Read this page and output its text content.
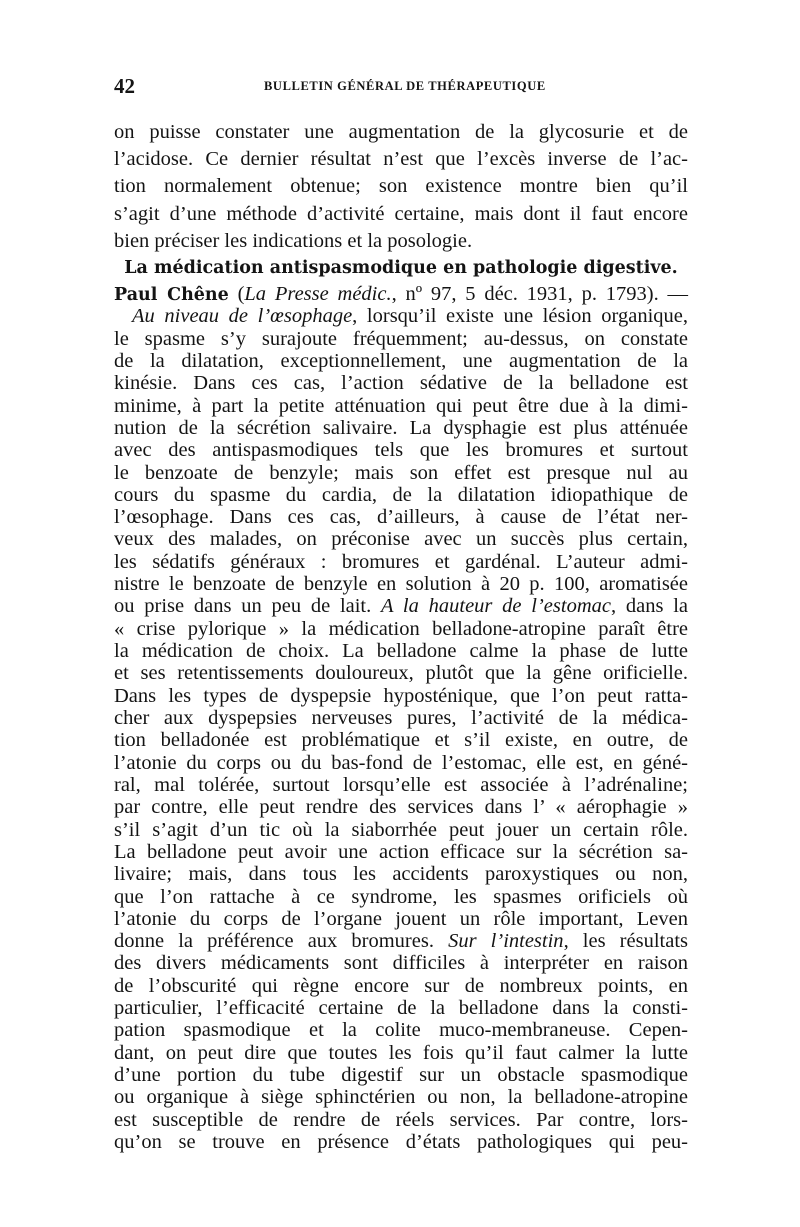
42	BULLETIN GÉNÉRAL DE THÉRAPEUTIQUE
on puisse constater une augmentation de la glycosurie et de
l’acidose. Ce dernier résultat n’est que l’excès inverse de l’ac-
tion normalement obtenue; son existence montre bien qu’il
s’agit d’une méthode d’activité certaine, mais dont il faut encore
bien préciser les indications et la posologie.
La médication antispasmodique en pathologie digestive.
Paul Chêne (La Presse médic., nº 97, 5 déc. 1931, p. 1793). —
Au niveau de l’œsophage, lorsqu’il existe une lésion organique,
le spasme s’y surajoute fréquemment; au-dessus, on constate
de la dilatation, exceptionnellement, une augmentation de la
kinésie. Dans ces cas, l’action sédative de la belladone est
minime, à part la petite atténuation qui peut être due à la dimi-
nution de la sécrétion salivaire. La dysphagie est plus atténuée
avec des antispasmodiques tels que les bromures et surtout
le benzoate de benzyle; mais son effet est presque nul au
cours du spasme du cardia, de la dilatation idiopathique de
l’œsophage. Dans ces cas, d’ailleurs, à cause de l’état ner-
veux des malades, on préconise avec un succès plus certain,
les sédatifs généraux : bromures et gardénal. L’auteur admi-
nistre le benzoate de benzyle en solution à 20 p. 100, aromatisée
ou prise dans un peu de lait. A la hauteur de l’estomac, dans la
« crise pylorique » la médication belladone-atropine paraît être
la médication de choix. La belladone calme la phase de lutte
et ses retentissements douloureux, plutôt que la gêne orificielle.
Dans les types de dyspepsie hyposténique, que l’on peut ratta-
cher aux dyspepsies nerveuses pures, l’activité de la médica-
tion belladonée est problématique et s’il existe, en outre, de
l’atonie du corps ou du bas-fond de l’estomac, elle est, en géné-
ral, mal tolérée, surtout lorsqu’elle est associée à l’adrénaline;
par contre, elle peut rendre des services dans l’ « aérophagie »
s’il s’agit d’un tic où la siaborrhée peut jouer un certain rôle.
La belladone peut avoir une action efficace sur la sécrétion sa-
livaire; mais, dans tous les accidents paroxystiques ou non,
que l’on rattache à ce syndrome, les spasmes orificiels où
l’atonie du corps de l’organe jouent un rôle important, Leven
donne la préférence aux bromures. Sur l’intestin, les résultats
des divers médicaments sont difficiles à interpréter en raison
de l’obscurité qui règne encore sur de nombreux points, en
particulier, l’efficacité certaine de la belladone dans la consti-
pation spasmodique et la colite muco-membraneuse. Cepen-
dant, on peut dire que toutes les fois qu’il faut calmer la lutte
d’une portion du tube digestif sur un obstacle spasmodique
ou organique à siège sphinctérien ou non, la belladone-atropine
est susceptible de rendre de réels services. Par contre, lors-
qu’on se trouve en présence d’états pathologiques qui peu-
